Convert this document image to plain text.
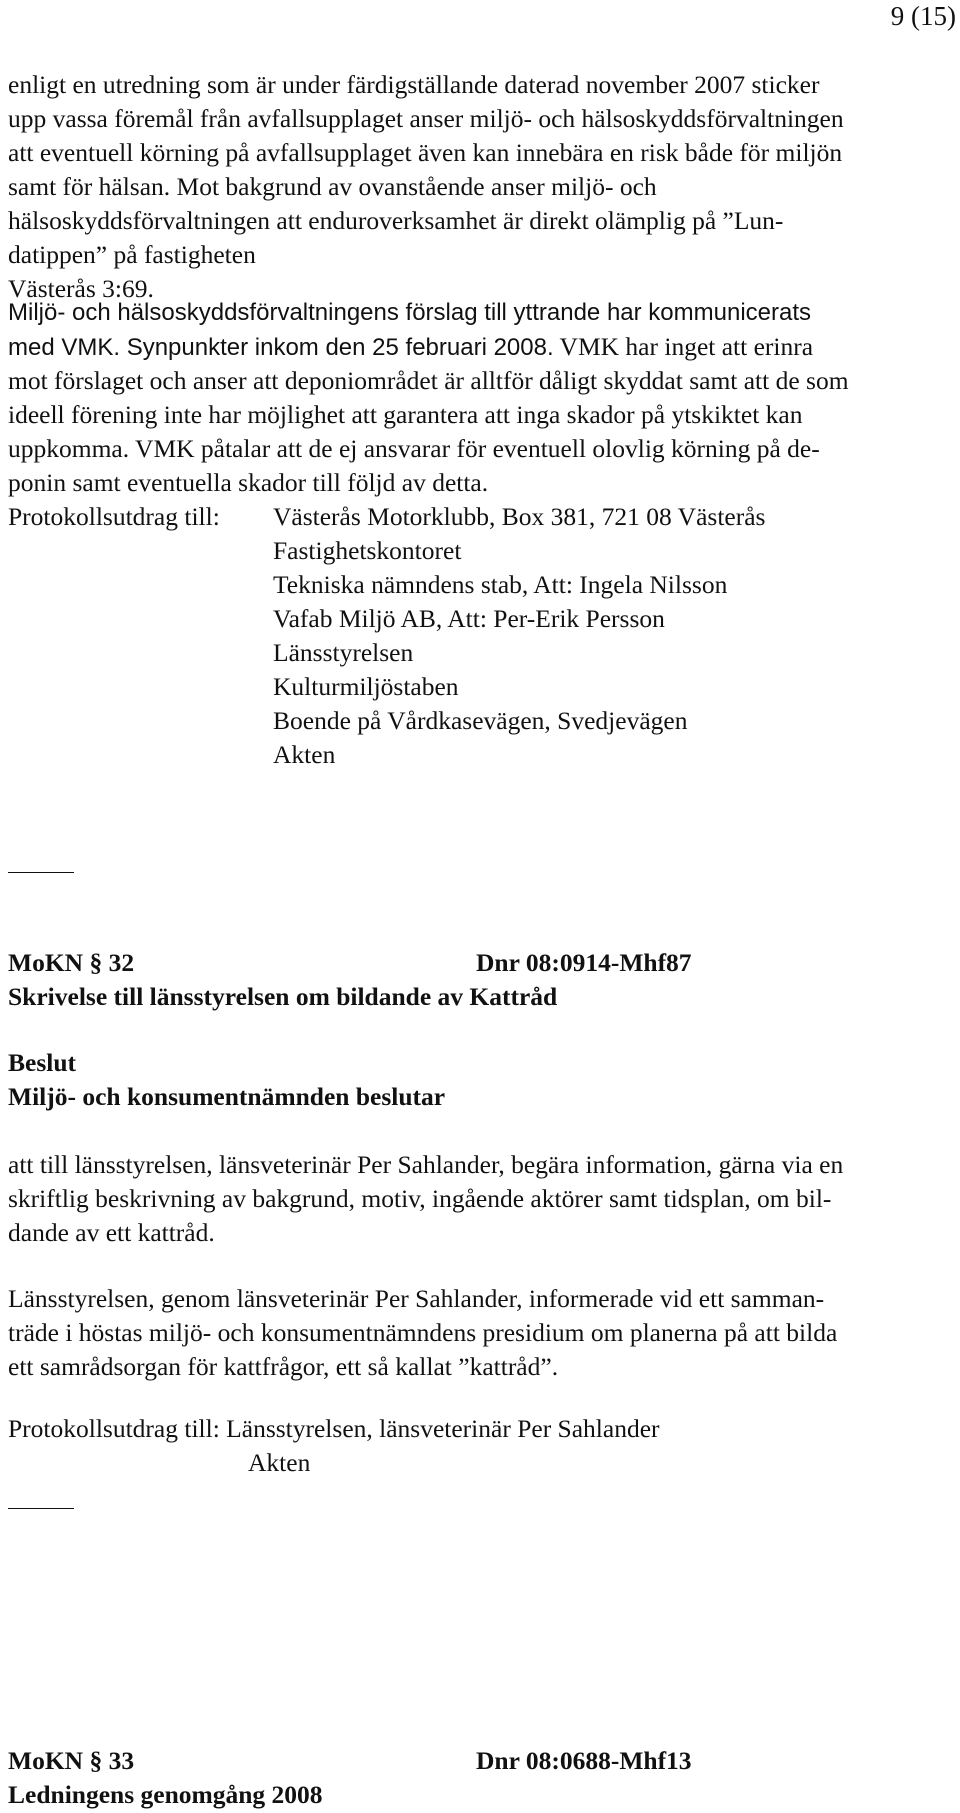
9 (15)
enligt en utredning som är under färdigställande daterad november 2007 sticker
upp vassa föremål från avfallsupplaget anser miljö- och hälsoskyddsförvaltningen
att eventuell körning på avfallsupplaget även kan innebära en risk både för miljön
samt för hälsan. Mot bakgrund av ovanstående anser miljö- och
hälsoskyddsförvaltningen att enduroverksamhet är direkt olämplig på ”Lun-
datippen” på fastigheten
Västerås 3:69.
Miljö- och hälsoskyddsförvaltningens förslag till yttrande har kommunicerats
med VMK. Synpunkter inkom den 25 februari 2008. VMK har inget att erinra
mot förslaget och anser att deponiområdet är alltför dåligt skyddat samt att de som
ideell förening inte har möjlighet att garantera att inga skador på ytskiktet kan
uppkomma. VMK påtalar att de ej ansvarar för eventuell olovlig körning på de-
ponin samt eventuella skador till följd av detta.
Protokollsutdrag till: Västerås Motorklubb, Box 381, 721 08 Västerås
Fastighetskontoret
Tekniska nämndens stab, Att: Ingela Nilsson
Vafab Miljö AB, Att: Per-Erik Persson
Länsstyrelsen
Kulturmiljöstaben
Boende på Vårdkasevägen, Svedjevägen
Akten
MoKN § 32	Dnr 08:0914-Mhf87
Skrivelse till länsstyrelsen om bildande av Kattråd
Beslut
Miljö- och konsumentnämnden beslutar
att till länsstyrelsen, länsveterinär Per Sahlander, begära information, gärna via en
skriftlig beskrivning av bakgrund, motiv, ingående aktörer samt tidsplan, om bil-
dande av ett kattråd.
Länsstyrelsen, genom länsveterinär Per Sahlander, informerade vid ett samman-
träde i höstas miljö- och konsumentnämndens presidium om planerna på att bilda
ett samrådsorgan för kattfrågor, ett så kallat ”kattråd”.
Protokollsutdrag till: Länsstyrelsen, länsveterinär Per Sahlander
Akten
MoKN § 33	Dnr 08:0688-Mhf13
Ledningens genomgång 2008
